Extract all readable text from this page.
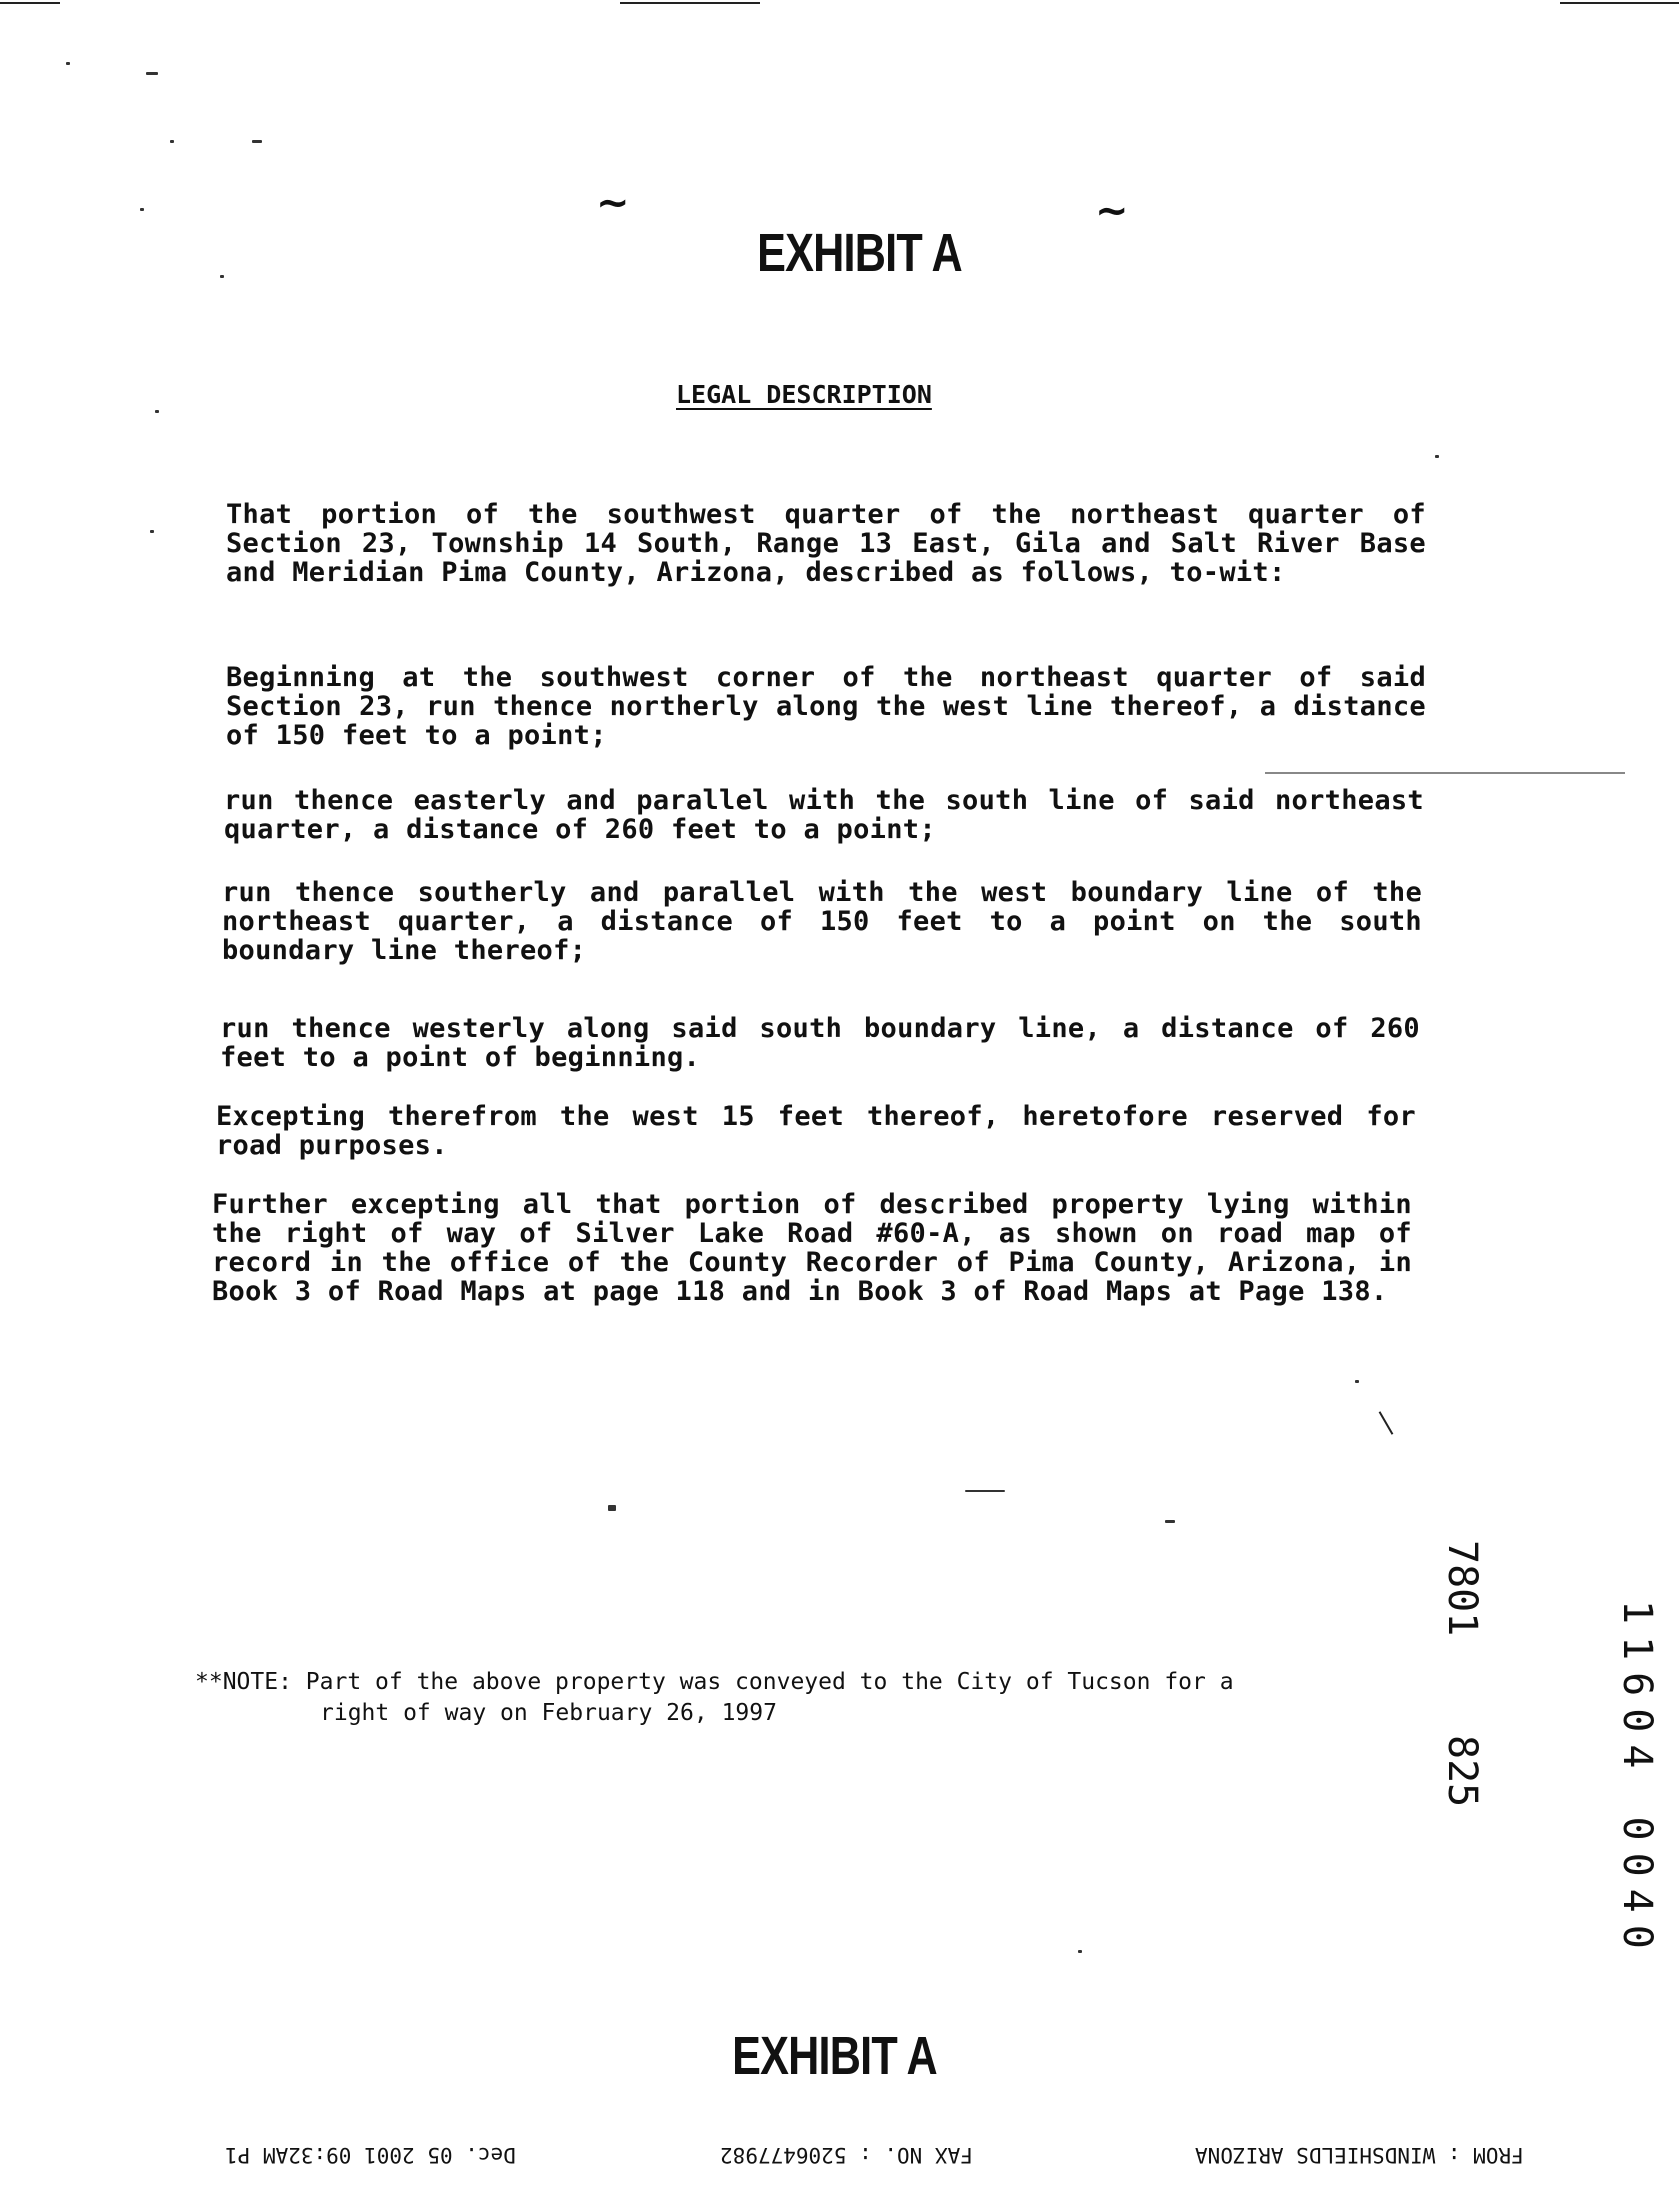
~	~
EXHIBIT A
LEGAL DESCRIPTION
That portion of the southwest quarter of the northeast quarter of Section 23, Township 14 South, Range 13 East, Gila and Salt River Base and Meridian Pima County, Arizona, described as follows, to-wit:
Beginning at the southwest corner of the northeast quarter of said Section 23, run thence northerly along the west line thereof, a distance of 150 feet to a point;
run thence easterly and parallel with the south line of said northeast quarter, a distance of 260 feet to a point;
run thence southerly and parallel with the west boundary line of the northeast quarter, a distance of 150 feet to a point on the south boundary line thereof;
run thence westerly along said south boundary line, a distance of 260 feet to a point of beginning.
Excepting therefrom the west 15 feet thereof, heretofore reserved for road purposes.
Further excepting all that portion of described property lying within the right of way of Silver Lake Road #60-A, as shown on road map of record in the office of the County Recorder of Pima County, Arizona, in Book 3 of Road Maps at page 118 and in Book 3 of Road Maps at Page 138.
7801
825	11604 0040
**NOTE: Part of the above property was conveyed to the City of Tucson for a
right of way on February 26, 1997
EXHIBIT A
FROM : WINDSHIELDS ARIZONA
FAX NO. : 5206477982
Dec. 05 2001 09:32AM P1
